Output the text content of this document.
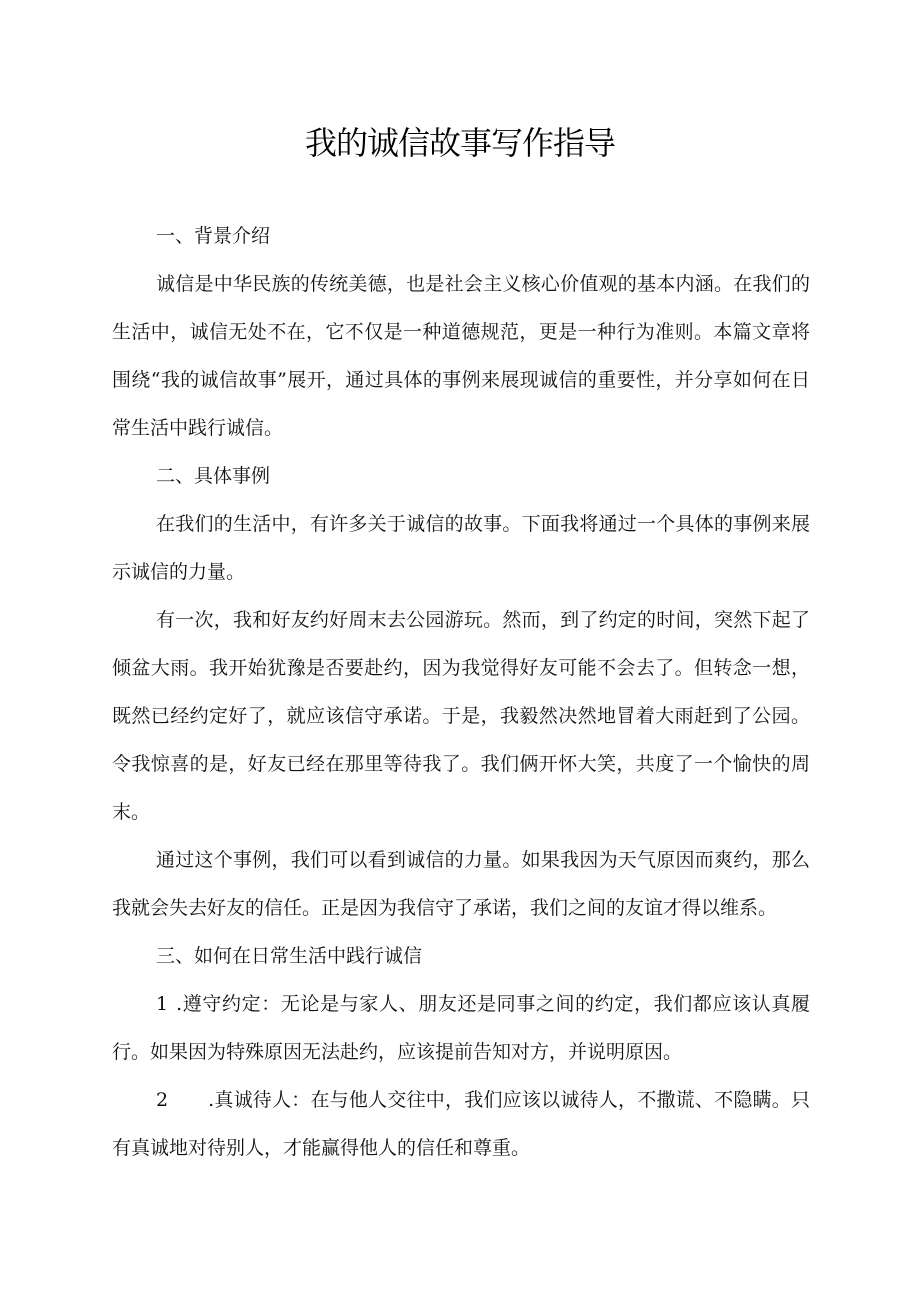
我的诚信故事写作指导
一、背景介绍

诚信是中华民族的传统美德，也是社会主义核心价值观的基本内涵。在我们的生活中，诚信无处不在，它不仅是一种道德规范，更是一种行为准则。本篇文章将围绕“我的诚信故事”展开，通过具体的事例来展现诚信的重要性，并分享如何在日常生活中践行诚信。

二、具体事例

在我们的生活中，有许多关于诚信的故事。下面我将通过一个具体的事例来展示诚信的力量。

有一次，我和好友约好周末去公园游玩。然而，到了约定的时间，突然下起了倾盆大雨。我开始犹豫是否要赴约，因为我觉得好友可能不会去了。但转念一想，既然已经约定好了，就应该信守承诺。于是，我毅然决然地冒着大雨赶到了公园。令我惊喜的是，好友已经在那里等待我了。我们俩开怀大笑，共度了一个愉快的周末。

通过这个事例，我们可以看到诚信的力量。如果我因为天气原因而爽约，那么我就会失去好友的信任。正是因为我信守了承诺，我们之间的友谊才得以维系。

三、如何在日常生活中践行诚信

1 .遵守约定：无论是与家人、朋友还是同事之间的约定，我们都应该认真履行。如果因为特殊原因无法赴约，应该提前告知对方，并说明原因。

2 .真诚待人：在与他人交往中，我们应该以诚待人，不撒谎、不隐瞒。只有真诚地对待别人，才能赢得他人的信任和尊重。
